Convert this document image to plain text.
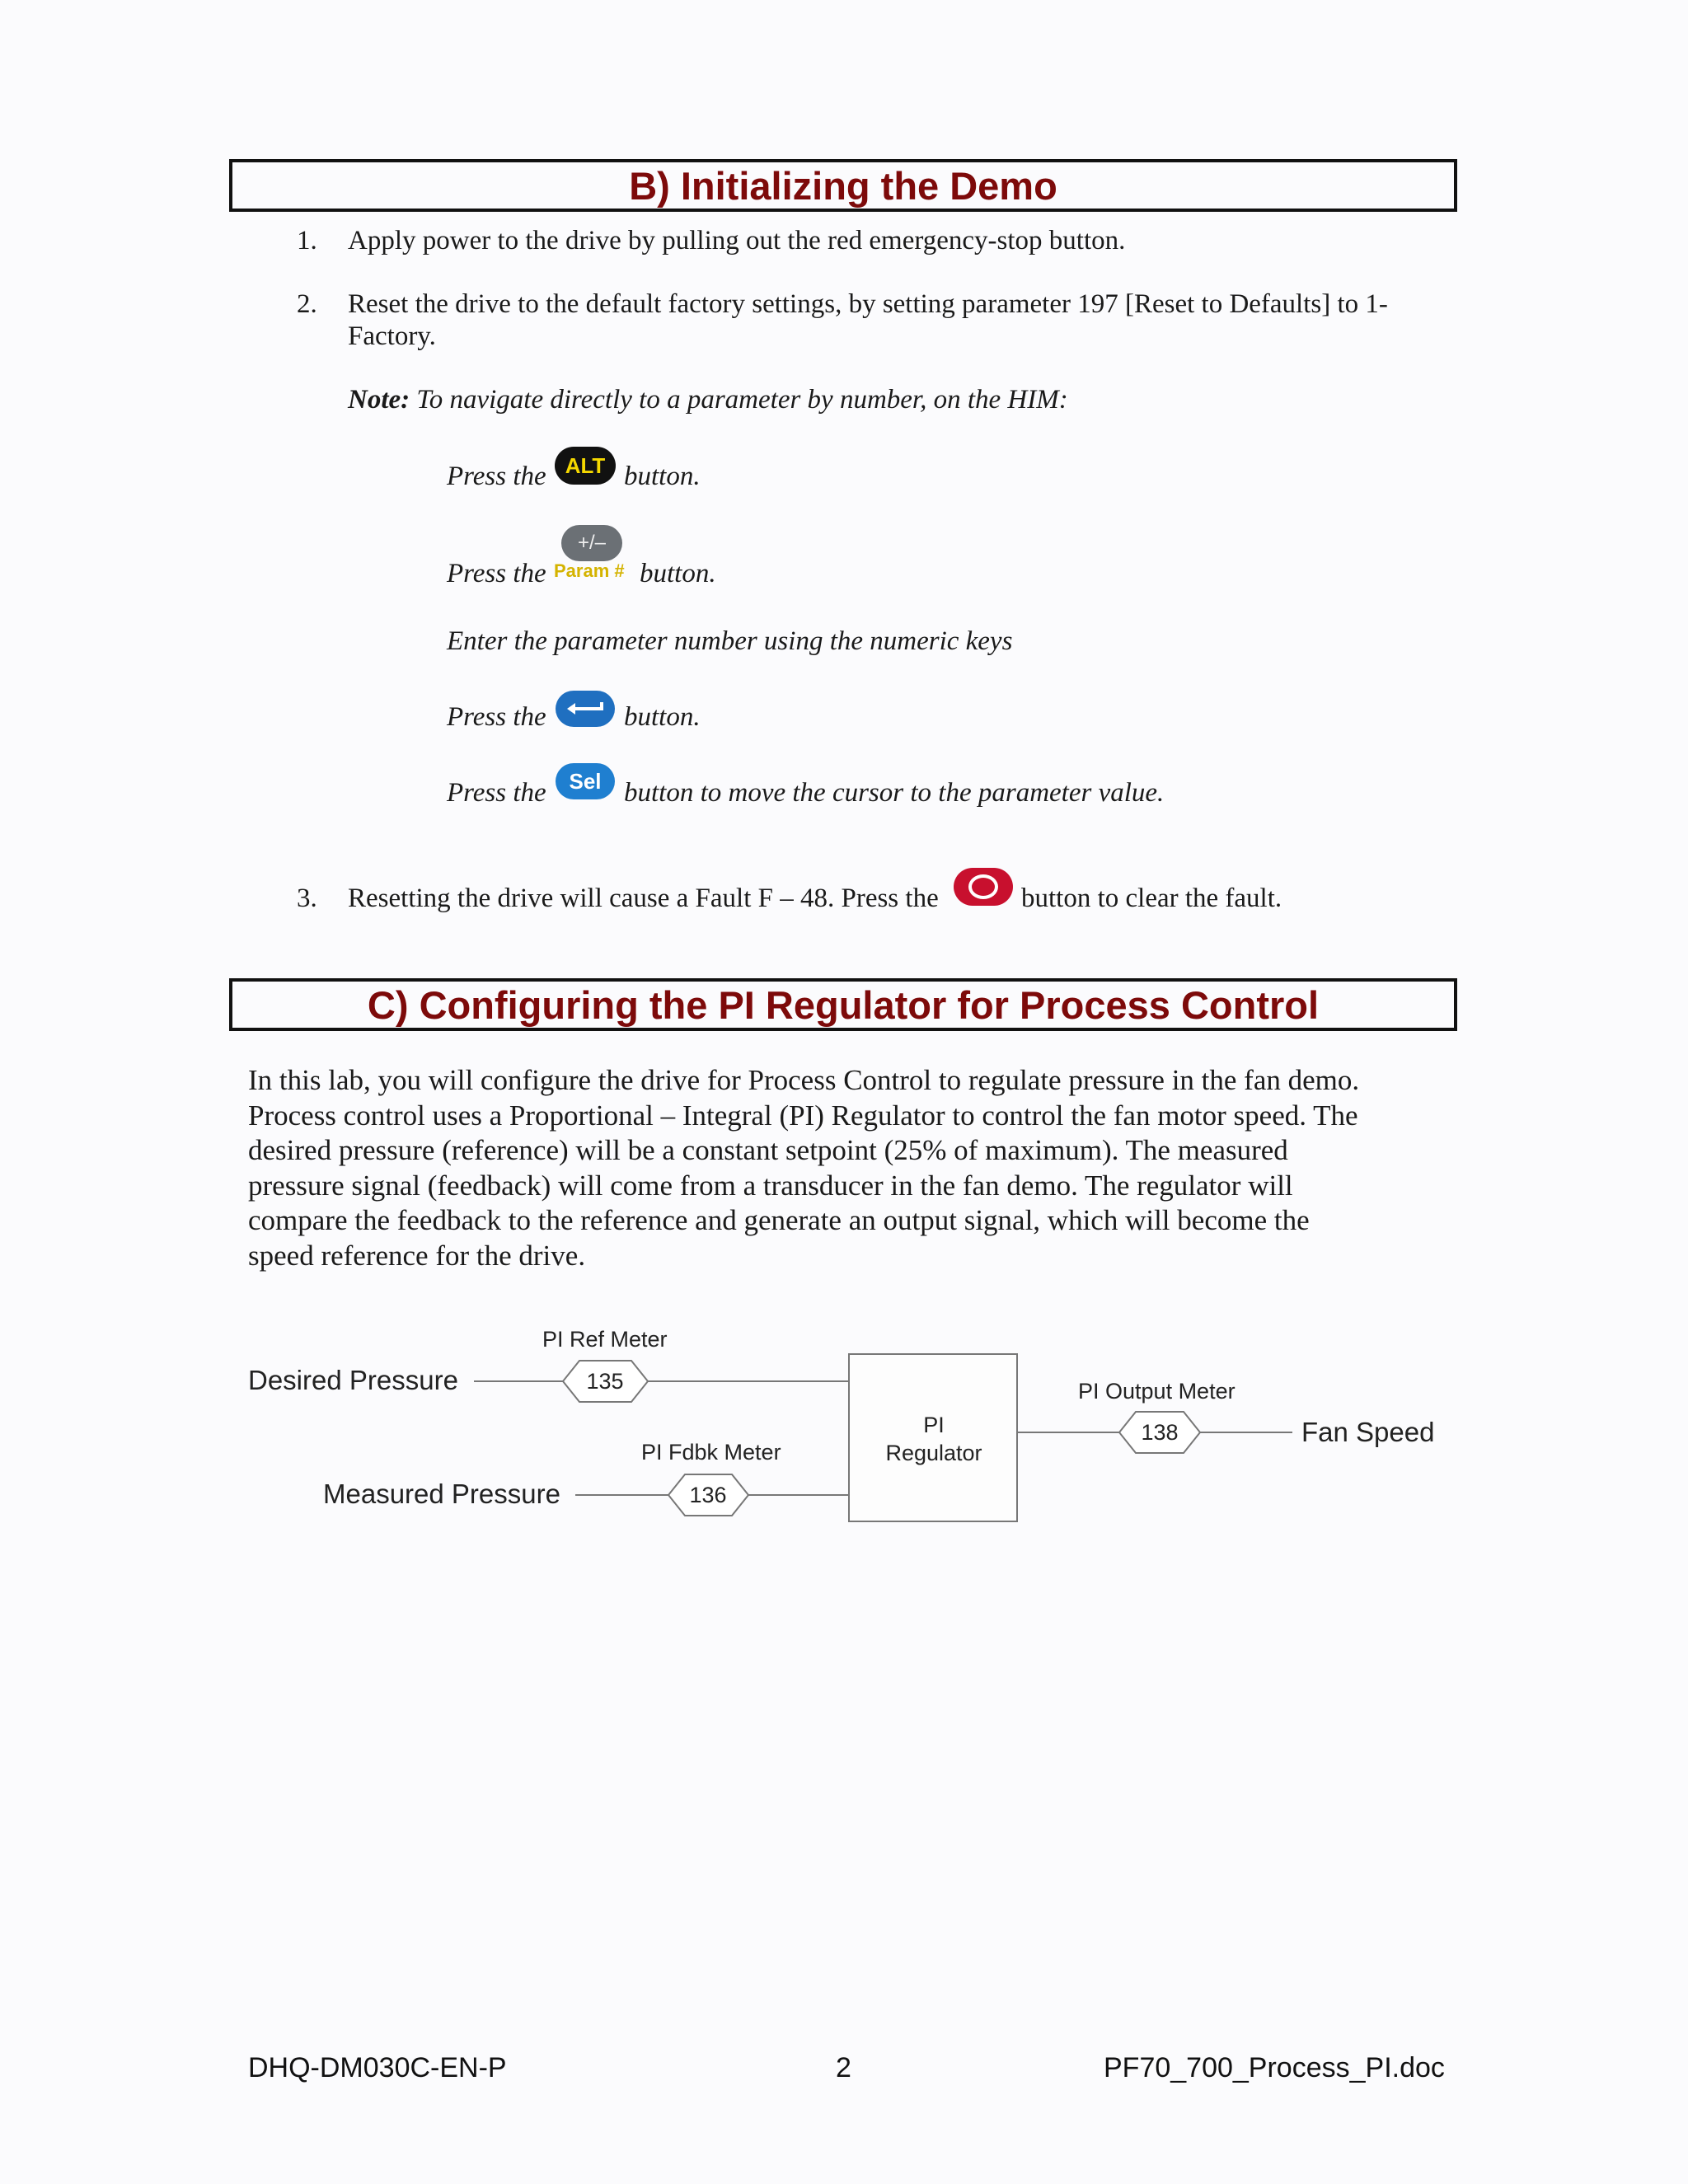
B) Initializing the Demo
1. Apply power to the drive by pulling out the red emergency-stop button.
2. Reset the drive to the default factory settings, by setting parameter 197 [Reset to Defaults] to 1-
Factory.
Note: To navigate directly to a parameter by number, on the HIM:
Press the ALT button.
Press the
+/–
Param # button.
Enter the parameter number using the numeric keys
Press the	button.
Press the Sel button to move the cursor to the parameter value.
3. Resetting the drive will cause a Fault F – 48. Press the	button to clear the fault.
C) Configuring the PI Regulator for Process Control
In this lab, you will configure the drive for Process Control to regulate pressure in the fan demo.
Process control uses a Proportional – Integral (PI) Regulator to control the fan motor speed. The
desired pressure (reference) will be a constant setpoint (25% of maximum). The measured
pressure signal (feedback) will come from a transducer in the fan demo. The regulator will
compare the feedback to the reference and generate an output signal, which will become the
speed reference for the drive.
Desired Pressure
Measured Pressure
PI Ref Meter
135
PI Fdbk Meter
136
PI
Regulator
PI Output Meter
138	Fan Speed
DHQ-DM030C-EN-P	2	PF70_700_Process_PI.doc
